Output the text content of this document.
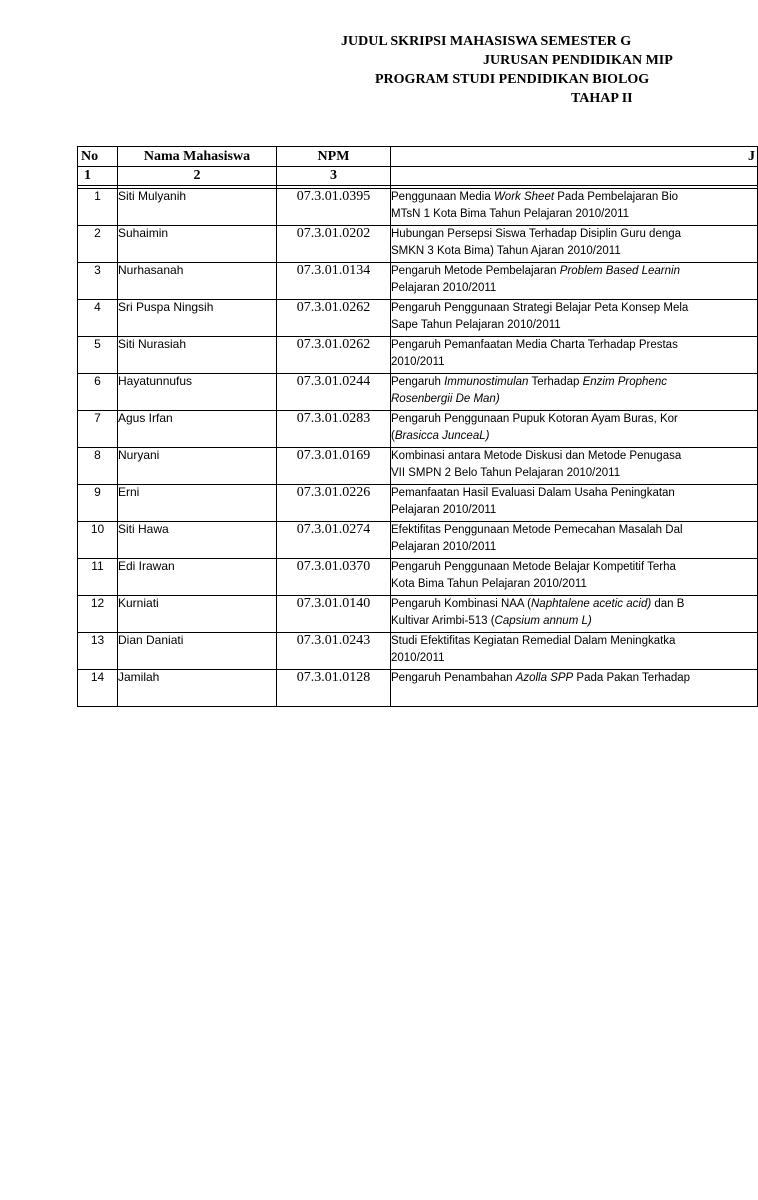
JUDUL SKRIPSI MAHASISWA SEMESTER G
JURUSAN PENDIDIKAN MIP
PROGRAM STUDI PENDIDIKAN BIOLOG
TAHAP II
No	Nama Mahasiswa	NPM	J
1	2	3	

1	Siti Mulyanih	07.3.01.0395	Penggunaan Media Work Sheet Pada Pembelajaran Bio
MTsN 1 Kota Bima Tahun Pelajaran 2010/2011

2	Suhaimin	07.3.01.0202	Hubungan Persepsi Siswa Terhadap Disiplin Guru denga
SMKN 3 Kota Bima) Tahun Ajaran 2010/2011

3	Nurhasanah	07.3.01.0134	Pengaruh Metode Pembelajaran Problem Based Learnin
Pelajaran 2010/2011

4	Sri Puspa Ningsih	07.3.01.0262	Pengaruh Penggunaan Strategi Belajar Peta Konsep Mela
Sape Tahun Pelajaran 2010/2011

5	Siti Nurasiah	07.3.01.0262	Pengaruh Pemanfaatan Media Charta Terhadap Prestas
2010/2011

6	Hayatunnufus	07.3.01.0244	Pengaruh Immunostimulan Terhadap Enzim Prophenc
Rosenbergii De Man)

7	Agus Irfan	07.3.01.0283	Pengaruh Penggunaan Pupuk Kotoran Ayam Buras, Kor
(Brasicca JunceaL)

8	Nuryani	07.3.01.0169	Kombinasi antara Metode Diskusi dan Metode Penugasa
VII SMPN 2 Belo Tahun Pelajaran 2010/2011

9	Erni	07.3.01.0226	Pemanfaatan Hasil Evaluasi Dalam Usaha Peningkatan
Pelajaran 2010/2011

10	Siti Hawa	07.3.01.0274	Efektifitas Penggunaan Metode Pemecahan Masalah Dal
Pelajaran 2010/2011

11	Edi Irawan	07.3.01.0370	Pengaruh Penggunaan Metode Belajar Kompetitif Terha
Kota Bima Tahun Pelajaran 2010/2011

12	Kurniati	07.3.01.0140	Pengaruh Kombinasi NAA (Naphtalene acetic acid) dan B
Kultivar Arimbi-513 (Capsium annum L)

13	Dian Daniati	07.3.01.0243	Studi Efektifitas Kegiatan Remedial Dalam Meningkatka
2010/2011

14	Jamilah	07.3.01.0128	Pengaruh Penambahan Azolla SPP Pada Pakan Terhadap
